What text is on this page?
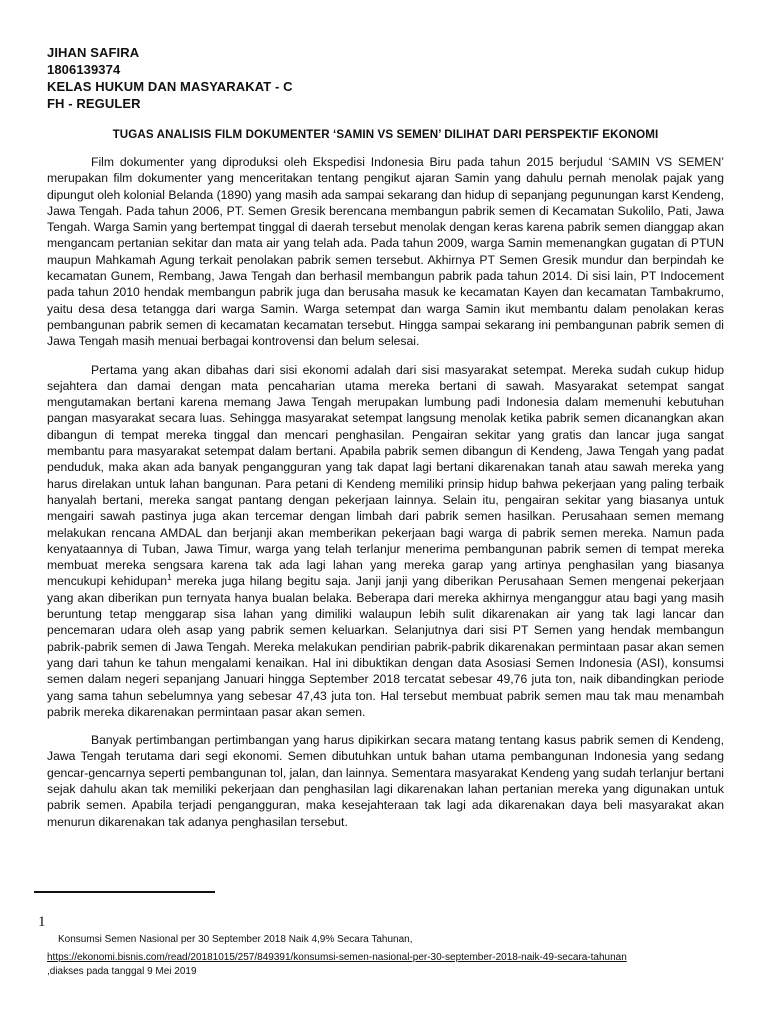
JIHAN SAFIRA
1806139374
KELAS HUKUM DAN MASYARAKAT - C
FH - REGULER
TUGAS ANALISIS FILM DOKUMENTER ‘SAMIN VS SEMEN’ DILIHAT DARI PERSPEKTIF EKONOMI

Film dokumenter yang diproduksi oleh Ekspedisi Indonesia Biru pada tahun 2015 berjudul ‘SAMIN VS SEMEN’ merupakan film dokumenter yang menceritakan tentang pengikut ajaran Samin yang dahulu pernah menolak pajak yang dipungut oleh kolonial Belanda (1890) yang masih ada sampai sekarang dan hidup di sepanjang pegunungan karst Kendeng, Jawa Tengah. Pada tahun 2006, PT. Semen Gresik berencana membangun pabrik semen di Kecamatan Sukolilo, Pati, Jawa Tengah. Warga Samin yang bertempat tinggal di daerah tersebut menolak dengan keras karena pabrik semen dianggap akan mengancam pertanian sekitar dan mata air yang telah ada. Pada tahun 2009, warga Samin memenangkan gugatan di PTUN maupun Mahkamah Agung terkait penolakan pabrik semen tersebut. Akhirnya PT Semen Gresik mundur dan berpindah ke kecamatan Gunem, Rembang, Jawa Tengah dan berhasil membangun pabrik pada tahun 2014. Di sisi lain, PT Indocement pada tahun 2010 hendak membangun pabrik juga dan berusaha masuk ke kecamatan Kayen dan kecamatan Tambakrumo, yaitu desa desa tetangga dari warga Samin. Warga setempat dan warga Samin ikut membantu dalam penolakan keras pembangunan pabrik semen di kecamatan kecamatan tersebut. Hingga sampai sekarang ini pembangunan pabrik semen di Jawa Tengah masih menuai berbagai kontrovensi dan belum selesai.

Pertama yang akan dibahas dari sisi ekonomi adalah dari sisi masyarakat setempat. Mereka sudah cukup hidup sejahtera dan damai dengan mata pencaharian utama mereka bertani di sawah. Masyarakat setempat sangat mengutamakan bertani karena memang Jawa Tengah merupakan lumbung padi Indonesia dalam memenuhi kebutuhan pangan masyarakat secara luas. Sehingga masyarakat setempat langsung menolak ketika pabrik semen dicanangkan akan dibangun di tempat mereka tinggal dan mencari penghasilan. Pengairan sekitar yang gratis dan lancar juga sangat membantu para masyarakat setempat dalam bertani. Apabila pabrik semen dibangun di Kendeng, Jawa Tengah yang padat penduduk, maka akan ada banyak pengangguran yang tak dapat lagi bertani dikarenakan tanah atau sawah mereka yang harus direlakan untuk lahan bangunan. Para petani di Kendeng memiliki prinsip hidup bahwa pekerjaan yang paling terbaik hanyalah bertani, mereka sangat pantang dengan pekerjaan lainnya. Selain itu, pengairan sekitar yang biasanya untuk mengairi sawah pastinya juga akan tercemar dengan limbah dari pabrik semen hasilkan. Perusahaan semen memang melakukan rencana AMDAL dan berjanji akan memberikan pekerjaan bagi warga di pabrik semen mereka. Namun pada kenyataannya di Tuban, Jawa Timur, warga yang telah terlanjur menerima pembangunan pabrik semen di tempat mereka membuat mereka sengsara karena tak ada lagi lahan yang mereka garap yang artinya penghasilan yang biasanya mencukupi kehidupan$^1$ mereka juga hilang begitu saja. Janji janji yang diberikan Perusahaan Semen mengenai pekerjaan yang akan diberikan pun ternyata hanya bualan belaka. Beberapa dari mereka akhirnya menganggur atau bagi yang masih beruntung tetap menggarap sisa lahan yang dimiliki walaupun lebih sulit dikarenakan air yang tak lagi lancar dan pencemaran udara oleh asap yang pabrik semen keluarkan. Selanjutnya dari sisi PT Semen yang hendak membangun pabrik-pabrik semen di Jawa Tengah. Mereka melakukan pendirian pabrik-pabrik dikarenakan permintaan pasar akan semen yang dari tahun ke tahun mengalami kenaikan. Hal ini dibuktikan dengan data Asosiasi Semen Indonesia (ASI), konsumsi semen dalam negeri sepanjang Januari hingga September 2018 tercatat sebesar 49,76 juta ton, naik dibandingkan periode yang sama tahun sebelumnya yang sebesar 47,43 juta ton. Hal tersebut membuat pabrik semen mau tak mau menambah pabrik mereka dikarenakan permintaan pasar akan semen.

Banyak pertimbangan pertimbangan yang harus dipikirkan secara matang tentang kasus pabrik semen di Kendeng, Jawa Tengah terutama dari segi ekonomi. Semen dibutuhkan untuk bahan utama pembangunan Indonesia yang sedang gencar-gencarnya seperti pembangunan tol, jalan, dan lainnya. Sementara masyarakat Kendeng yang sudah terlanjur bertani sejak dahulu akan tak memiliki pekerjaan dan penghasilan lagi dikarenakan lahan pertanian mereka yang digunakan untuk pabrik semen. Apabila terjadi pengangguran, maka kesejahteraan tak lagi ada dikarenakan daya beli masyarakat akan menurun dikarenakan tak adanya penghasilan tersebut.

1
Konsumsi Semen Nasional per 30 September 2018 Naik 4,9% Secara Tahunan,
https://ekonomi.bisnis.com/read/20181015/257/849391/konsumsi-semen-nasional-per-30-september-2018-naik-49-secara-tahunan
,diakses pada tanggal 9 Mei 2019
